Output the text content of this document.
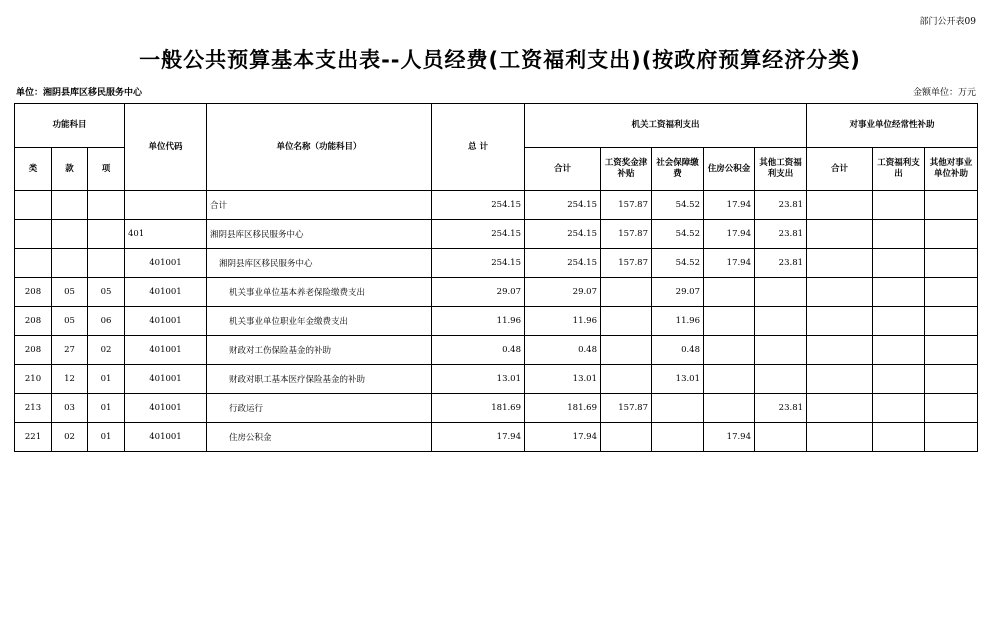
部门公开表09
一般公共预算基本支出表--人员经费(工资福利支出)(按政府预算经济分类)
单位：湘阴县库区移民服务中心	金额单位：万元
功能科目			单位代码	单位名称（功能科目）	总 计	机关工资福利支出					对事业单位经常性补助		
类	款	项				合计	工资奖金津补贴	社会保障缴费	住房公积金	其他工资福利支出	合计	工资福利支出	其他对事业单位补助
				合计	254.15	254.15	157.87	54.52	17.94	23.81			
			401	湘阴县库区移民服务中心	254.15	254.15	157.87	54.52	17.94	23.81			
			401001	湘阴县库区移民服务中心	254.15	254.15	157.87	54.52	17.94	23.81			
208	05	05	401001	机关事业单位基本养老保险缴费支出	29.07	29.07		29.07					
208	05	06	401001	机关事业单位职业年金缴费支出	11.96	11.96		11.96					
208	27	02	401001	财政对工伤保险基金的补助	0.48	0.48		0.48					
210	12	01	401001	财政对职工基本医疗保险基金的补助	13.01	13.01		13.01					
213	03	01	401001	行政运行	181.69	181.69	157.87			23.81			
221	02	01	401001	住房公积金	17.94	17.94			17.94				
